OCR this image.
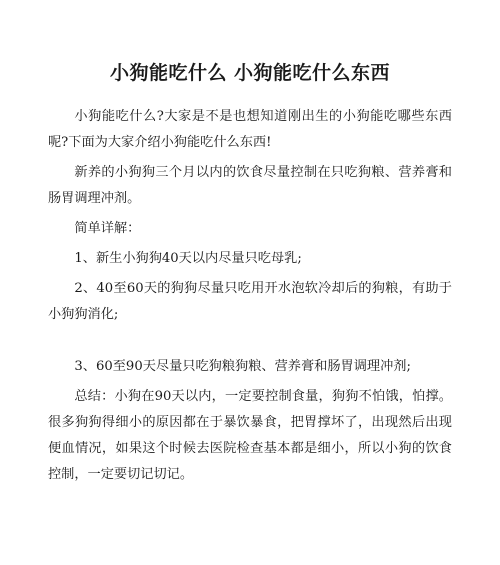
小狗能吃什么 小狗能吃什么东西

小狗能吃什么?大家是不是也想知道刚出生的小狗能吃哪些东西呢?下面为大家介绍小狗能吃什么东西!

新养的小狗狗三个月以内的饮食尽量控制在只吃狗粮、营养膏和肠胃调理冲剂。

简单详解：

1、新生小狗狗40天以内尽量只吃母乳;

2、40至60天的狗狗尽量只吃用开水泡软冷却后的狗粮，有助于小狗狗消化;

3、60至90天尽量只吃狗粮狗粮、营养膏和肠胃调理冲剂;

总结：小狗在90天以内，一定要控制食量，狗狗不怕饿，怕撑。很多狗狗得细小的原因都在于暴饮暴食，把胃撑坏了，出现然后出现便血情况，如果这个时候去医院检查基本都是细小，所以小狗的饮食控制，一定要切记切记。
